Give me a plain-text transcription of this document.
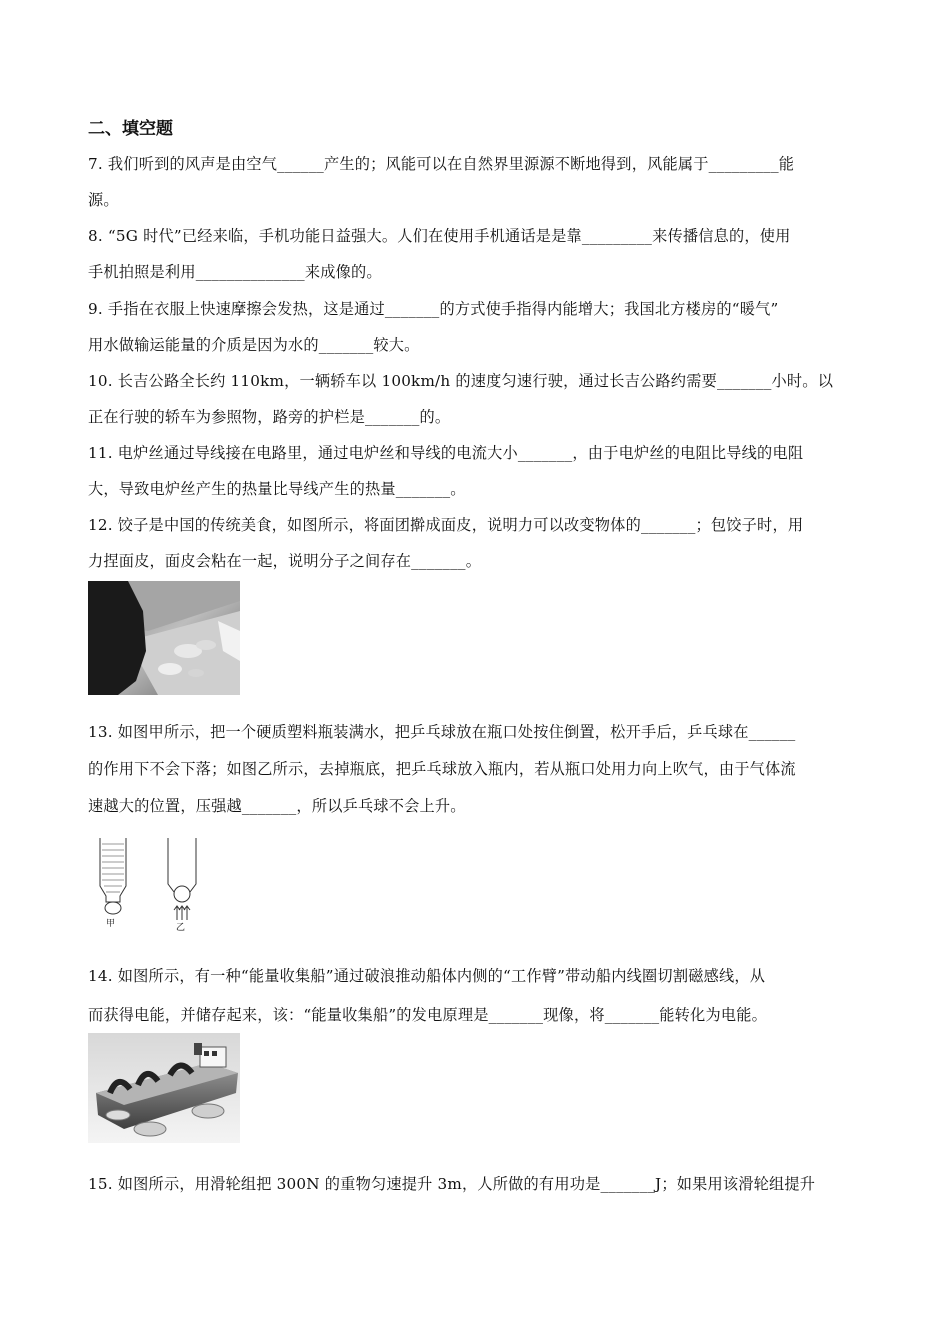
二、填空题
7. 我们听到的风声是由空气______产生的；风能可以在自然界里源源不断地得到，风能属于_________能
源。
8. “5G 时代”已经来临，手机功能日益强大。人们在使用手机通话是是靠_________来传播信息的，使用
手机拍照是利用______________来成像的。
9. 手指在衣服上快速摩擦会发热，这是通过_______的方式使手指得内能增大；我国北方楼房的“暖气”
用水做输运能量的介质是因为水的_______较大。
10. 长吉公路全长约 110km，一辆轿车以 100km/h 的速度匀速行驶，通过长吉公路约需要_______小时。以
正在行驶的轿车为参照物，路旁的护栏是_______的。
11. 电炉丝通过导线接在电路里，通过电炉丝和导线的电流大小_______，由于电炉丝的电阻比导线的电阻
大，导致电炉丝产生的热量比导线产生的热量_______。
12. 饺子是中国的传统美食，如图所示，将面团擀成面皮，说明力可以改变物体的_______；包饺子时，用
力捏面皮，面皮会粘在一起，说明分子之间存在_______。
13. 如图甲所示，把一个硬质塑料瓶装满水，把乒乓球放在瓶口处按住倒置，松开手后，乒乓球在______
的作用下不会下落；如图乙所示，去掉瓶底，把乒乓球放入瓶内，若从瓶口处用力向上吹气，由于气体流
速越大的位置，压强越_______，所以乒乓球不会上升。
甲	乙
14. 如图所示，有一种“能量收集船”通过破浪推动船体内侧的“工作臂”带动船内线圈切割磁感线，从
而获得电能，并储存起来，该：“能量收集船”的发电原理是_______现像，将_______能转化为电能。
15. 如图所示，用滑轮组把 300N 的重物匀速提升 3m，人所做的有用功是_______J；如果用该滑轮组提升
